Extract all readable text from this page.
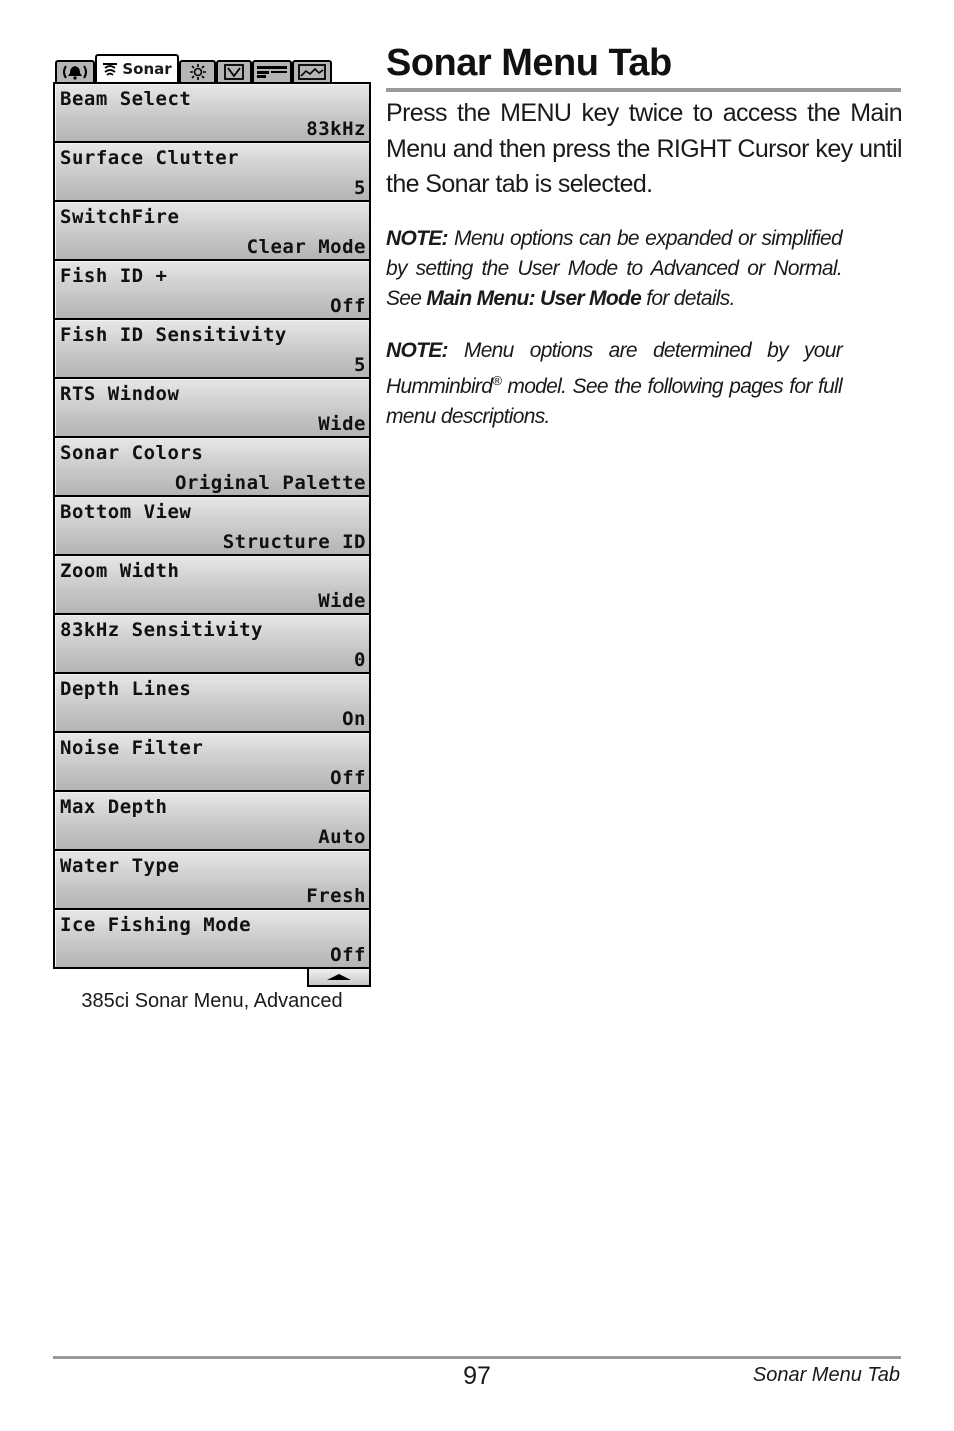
Sonar
Beam Select
83kHz
Surface Clutter
5
SwitchFire
Clear Mode
Fish ID +
Off
Fish ID Sensitivity
5
RTS Window
Wide
Sonar Colors
Original Palette
Bottom View
Structure ID
Zoom Width
Wide
83kHz Sensitivity
0
Depth Lines
On
Noise Filter
Off
Max Depth
Auto
Water Type
Fresh
Ice Fishing Mode
Off
385ci Sonar Menu, Advanced
Sonar Menu Tab

Press the MENU key twice to access the Main Menu and then press the RIGHT Cursor key until the Sonar tab is selected.

NOTE: Menu options can be expanded or simplified by setting the User Mode to Advanced or Normal. See Main Menu: User Mode for details.

NOTE: Menu options are determined by your Humminbird® model. See the following pages for full menu descriptions.

97	Sonar Menu Tab
